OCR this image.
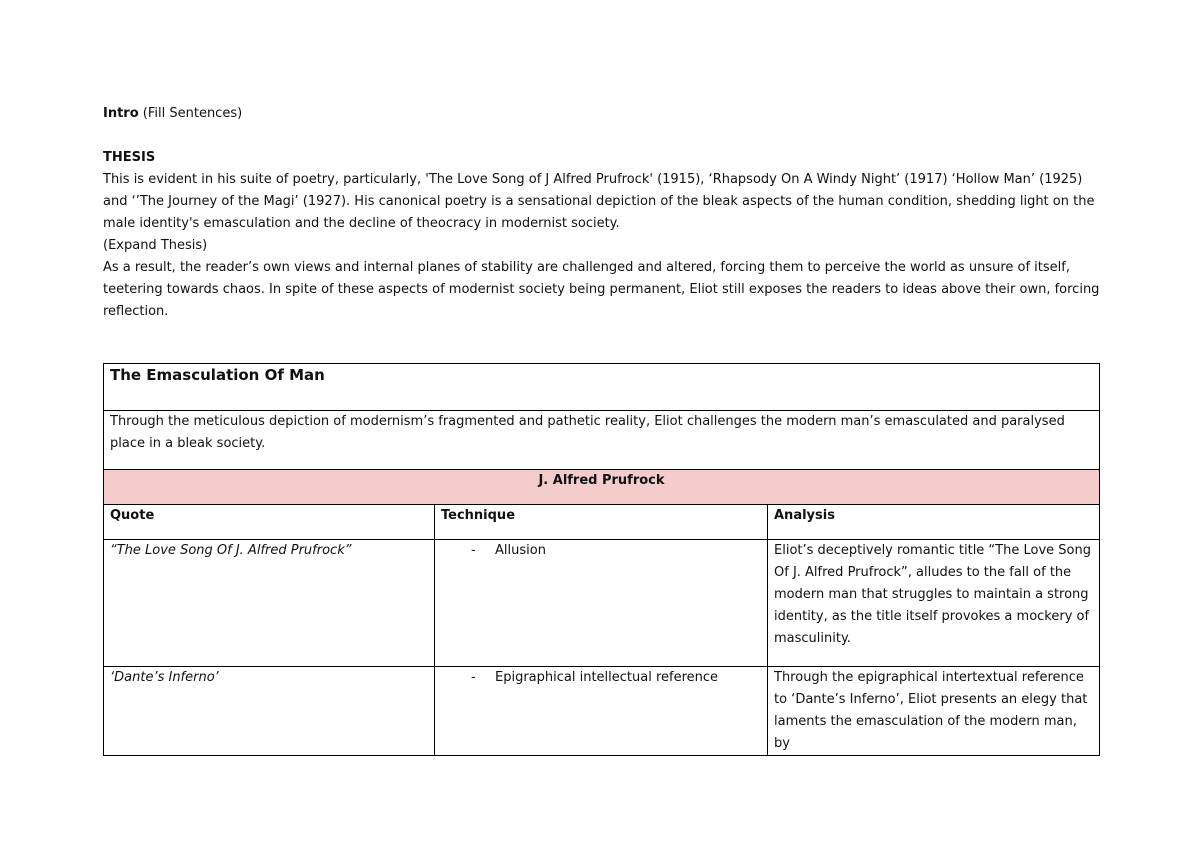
Intro (Fill Sentences)

THESIS

This is evident in his suite of poetry, particularly, 'The Love Song of J Alfred Prufrock' (1915), ‘Rhapsody On A Windy Night’ (1917) ‘Hollow Man’ (1925) and ‘’The Journey of the Magi’ (1927). His canonical poetry is a sensational depiction of the bleak aspects of the human condition, shedding light on the male identity's emasculation and the decline of theocracy in modernist society.

(Expand Thesis)

As a result, the reader’s own views and internal planes of stability are challenged and altered, forcing them to perceive the world as unsure of itself, teetering towards chaos. In spite of these aspects of modernist society being permanent, Eliot still exposes the readers to ideas above their own, forcing reflection.

The Emasculation Of Man		
Through the meticulous depiction of modernism’s fragmented and pathetic reality, Eliot challenges the modern man’s emasculated and paralysed place in a bleak society.		
J. Alfred Prufrock		
Quote	Technique	Analysis
“The Love Song Of J. Alfred Prufrock”	- Allusion	Eliot’s deceptively romantic title “The Love Song Of J. Alfred Prufrock”, alludes to the fall of the modern man that struggles to maintain a strong identity, as the title itself provokes a mockery of masculinity.
‘Dante’s Inferno’	- Epigraphical intellectual reference	Through the epigraphical intertextual reference to ‘Dante’s Inferno’, Eliot presents an elegy that laments the emasculation of the modern man, by
